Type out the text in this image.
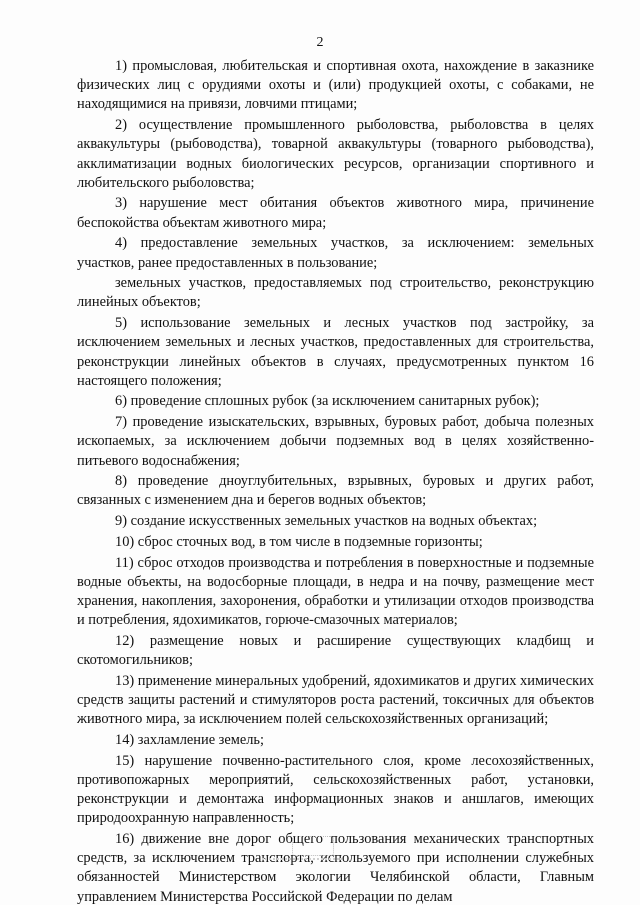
2

1) промысловая, любительская и спортивная охота, нахождение в заказнике физических лиц с орудиями охоты и (или) продукцией охоты, с собаками, не находящимися на привязи, ловчими птицами;

2) осуществление промышленного рыболовства, рыболовства в целях аквакультуры (рыбоводства), товарной аквакультуры (товарного рыбоводства), акклиматизации водных биологических ресурсов, организации спортивного и любительского рыболовства;

3) нарушение мест обитания объектов животного мира, причинение беспокойства объектам животного мира;

4) предоставление земельных участков, за исключением: земельных участков, ранее предоставленных в пользование;

земельных участков, предоставляемых под строительство, реконструкцию линейных объектов;

5) использование земельных и лесных участков под застройку, за исключением земельных и лесных участков, предоставленных для строительства, реконструкции линейных объектов в случаях, предусмотренных пунктом 16 настоящего положения;

6) проведение сплошных рубок (за исключением санитарных рубок);

7) проведение изыскательских, взрывных, буровых работ, добыча полезных ископаемых, за исключением добычи подземных вод в целях хозяйственно-питьевого водоснабжения;

8) проведение дноуглубительных, взрывных, буровых и других работ, связанных с изменением дна и берегов водных объектов;

9) создание искусственных земельных участков на водных объектах;

10) сброс сточных вод, в том числе в подземные горизонты;

11) сброс отходов производства и потребления в поверхностные и подземные водные объекты, на водосборные площади, в недра и на почву, размещение мест хранения, накопления, захоронения, обработки и утилизации отходов производства и потребления, ядохимикатов, горюче-смазочных материалов;

12) размещение новых и расширение существующих кладбищ и скотомогильников;

13) применение минеральных удобрений, ядохимикатов и других химических средств защиты растений и стимуляторов роста растений, токсичных для объектов животного мира, за исключением полей сельскохозяйственных организаций;

14) захламление земель;

15) нарушение почвенно-растительного слоя, кроме лесохозяйственных, противопожарных мероприятий, сельскохозяйственных работ, установки, реконструкции и демонтажа информационных знаков и аншлагов, имеющих природоохранную направленность;

16) движение вне дорог общего пользования механических транспортных средств, за исключением транспорта, используемого при исполнении служебных обязанностей Министерством экологии Челябинской области, Главным управлением Министерства Российской Федерации по делам
